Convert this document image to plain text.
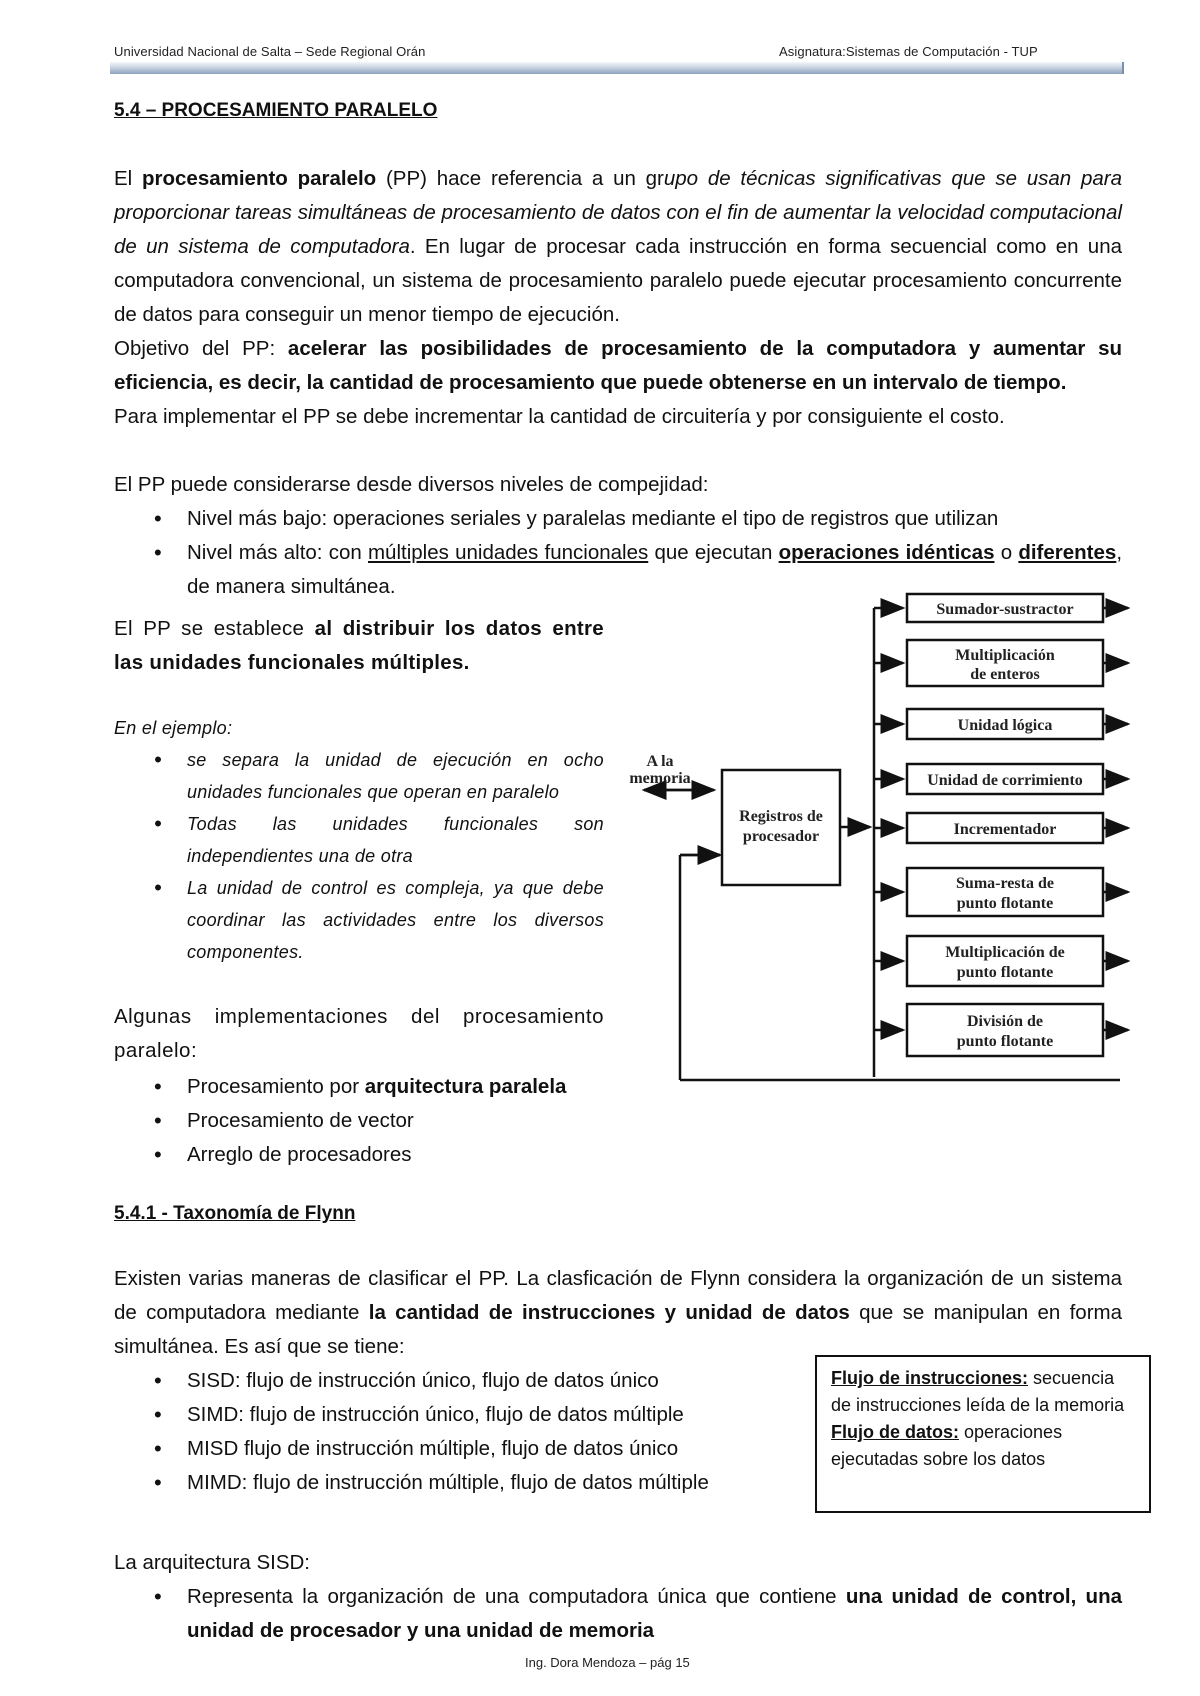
Universidad Nacional de Salta – Sede Regional Orán	Asignatura:Sistemas de Computación - TUP
5.4 – PROCESAMIENTO PARALELO
El procesamiento paralelo (PP) hace referencia a un grupo de técnicas significativas que se usan para proporcionar tareas simultáneas de procesamiento de datos con el fin de aumentar la velocidad computacional de un sistema de computadora. En lugar de procesar cada instrucción en forma secuencial como en una computadora convencional, un sistema de procesamiento paralelo puede ejecutar procesamiento concurrente de datos para conseguir un menor tiempo de ejecución.
Objetivo del PP: acelerar las posibilidades de procesamiento de la computadora y aumentar su eficiencia, es decir, la cantidad de procesamiento que puede obtenerse en un intervalo de tiempo.
Para implementar el PP se debe incrementar la cantidad de circuitería y por consiguiente el costo.
El PP puede considerarse desde diversos niveles de compejidad:
• Nivel más bajo: operaciones seriales y paralelas mediante el tipo de registros que utilizan
• Nivel más alto: con múltiples unidades funcionales que ejecutan operaciones idénticas o diferentes, de manera simultánea.
El PP se establece al distribuir los datos entre las unidades funcionales múltiples.
En el ejemplo:
• se separa la unidad de ejecución en ocho unidades funcionales que operan en paralelo
• Todas las unidades funcionales son independientes una de otra
• La unidad de control es compleja, ya que debe coordinar las actividades entre los diversos componentes.
Algunas implementaciones del procesamiento paralelo:
• Procesamiento por arquitectura paralela
• Procesamiento de vector
• Arreglo de procesadores
Sumador-sustractor
Multiplicación
de enteros
Unidad lógica
Unidad de corrimiento
Incrementador
Suma-resta de
punto flotante
Multiplicación de
punto flotante
División de
punto flotante
A la
memoria
Registros de
procesador
5.4.1 - Taxonomía de Flynn
Existen varias maneras de clasificar el PP. La clasficación de Flynn considera la organización de un sistema de computadora mediante la cantidad de instrucciones y unidad de datos que se manipulan en forma simultánea. Es así que se tiene:
• SISD: flujo de instrucción único, flujo de datos único
• SIMD: flujo de instrucción único, flujo de datos múltiple
• MISD flujo de instrucción múltiple, flujo de datos único
• MIMD: flujo de instrucción múltiple, flujo de datos múltiple
Flujo de instrucciones: secuencia de instrucciones leída de la memoria
Flujo de datos: operaciones ejecutadas sobre los datos
La arquitectura SISD:
• Representa la organización de una computadora única que contiene una unidad de control, una unidad de procesador y una unidad de memoria
Ing. Dora Mendoza – pág 15
